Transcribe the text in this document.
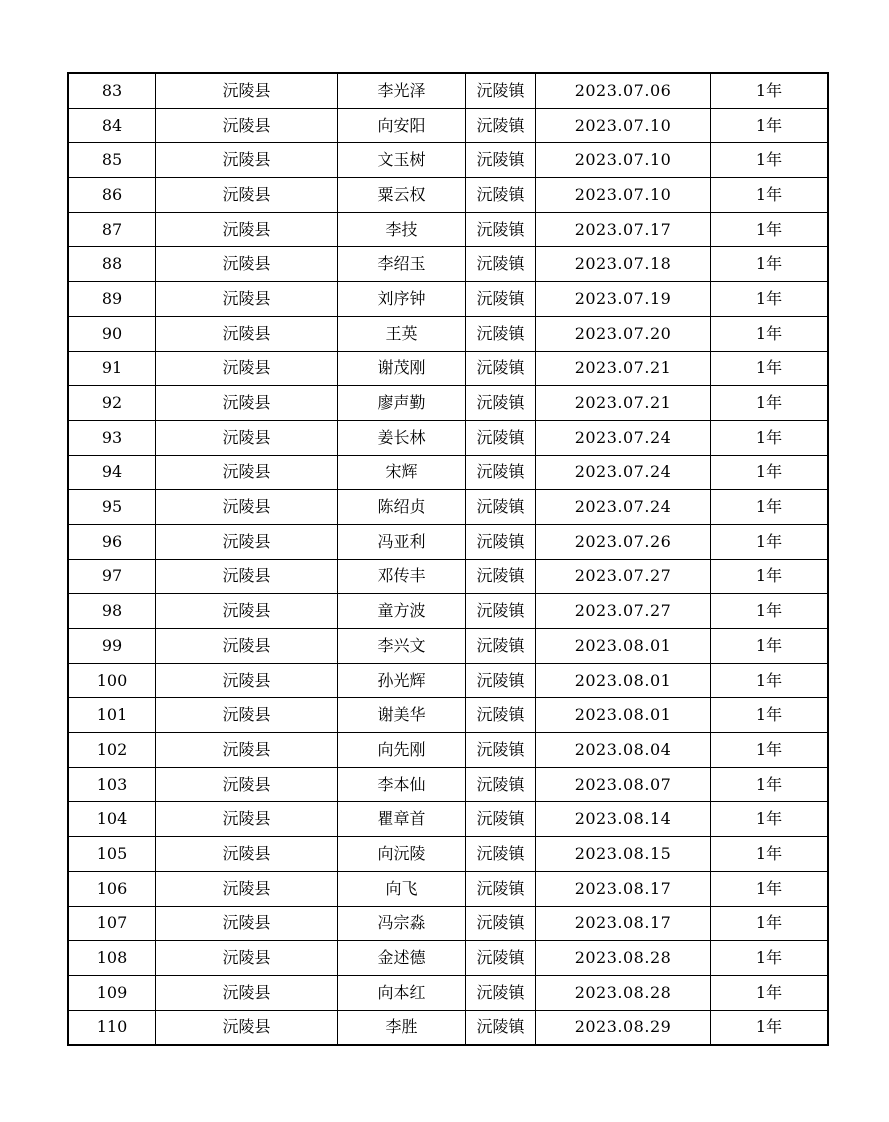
83	沅陵县	李光泽	沅陵镇	2023.07.06	1年
84	沅陵县	向安阳	沅陵镇	2023.07.10	1年
85	沅陵县	文玉树	沅陵镇	2023.07.10	1年
86	沅陵县	粟云权	沅陵镇	2023.07.10	1年
87	沅陵县	李技	沅陵镇	2023.07.17	1年
88	沅陵县	李绍玉	沅陵镇	2023.07.18	1年
89	沅陵县	刘序钟	沅陵镇	2023.07.19	1年
90	沅陵县	王英	沅陵镇	2023.07.20	1年
91	沅陵县	谢茂刚	沅陵镇	2023.07.21	1年
92	沅陵县	廖声勤	沅陵镇	2023.07.21	1年
93	沅陵县	姜长林	沅陵镇	2023.07.24	1年
94	沅陵县	宋辉	沅陵镇	2023.07.24	1年
95	沅陵县	陈绍贞	沅陵镇	2023.07.24	1年
96	沅陵县	冯亚利	沅陵镇	2023.07.26	1年
97	沅陵县	邓传丰	沅陵镇	2023.07.27	1年
98	沅陵县	童方波	沅陵镇	2023.07.27	1年
99	沅陵县	李兴文	沅陵镇	2023.08.01	1年
100	沅陵县	孙光辉	沅陵镇	2023.08.01	1年
101	沅陵县	谢美华	沅陵镇	2023.08.01	1年
102	沅陵县	向先刚	沅陵镇	2023.08.04	1年
103	沅陵县	李本仙	沅陵镇	2023.08.07	1年
104	沅陵县	瞿章首	沅陵镇	2023.08.14	1年
105	沅陵县	向沅陵	沅陵镇	2023.08.15	1年
106	沅陵县	向飞	沅陵镇	2023.08.17	1年
107	沅陵县	冯宗淼	沅陵镇	2023.08.17	1年
108	沅陵县	金述德	沅陵镇	2023.08.28	1年
109	沅陵县	向本红	沅陵镇	2023.08.28	1年
110	沅陵县	李胜	沅陵镇	2023.08.29	1年
